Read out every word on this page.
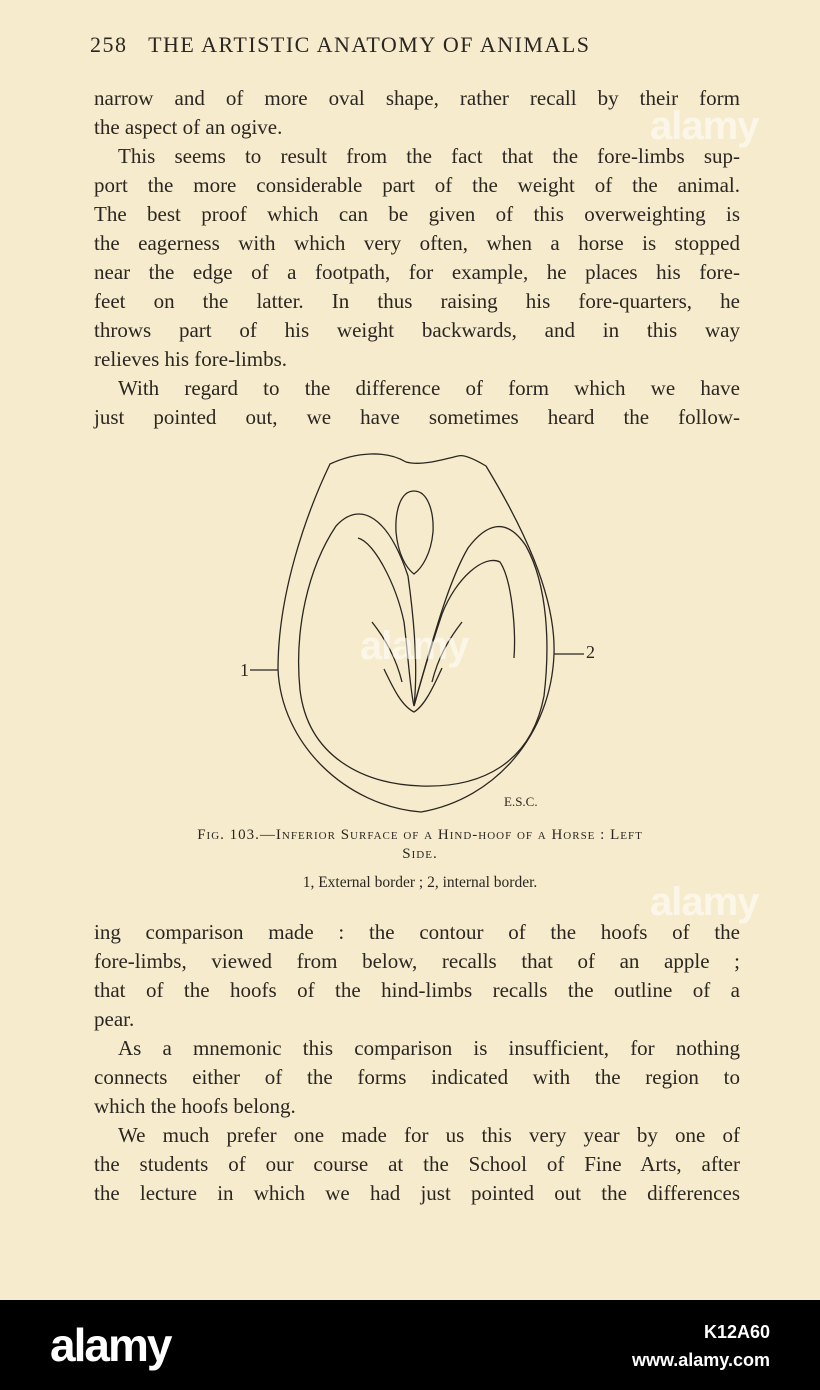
258 THE ARTISTIC ANATOMY OF ANIMALS

narrow and of more oval shape, rather recall by their form

the aspect of an ogive.

This seems to result from the fact that the fore-limbs sup-

port the more considerable part of the weight of the animal.

The best proof which can be given of this overweighting is

the eagerness with which very often, when a horse is stopped

near the edge of a footpath, for example, he places his fore-

feet on the latter. In thus raising his fore-quarters, he

throws part of his weight backwards, and in this way

relieves his fore-limbs.

With regard to the difference of form which we have

just pointed out, we have sometimes heard the follow-

1
2
E.S.C.
Fig. 103.—Inferior Surface of a Hind-hoof of a Horse : Left
Side.
1, External border ; 2, internal border.

ing comparison made : the contour of the hoofs of the

fore-limbs, viewed from below, recalls that of an apple ;

that of the hoofs of the hind-limbs recalls the outline of a

pear.

As a mnemonic this comparison is insufficient, for nothing

connects either of the forms indicated with the region to

which the hoofs belong.

We much prefer one made for us this very year by one of

the students of our course at the School of Fine Arts, after

the lecture in which we had just pointed out the differences

alamy
alamy
alamy
alamy	K12A60
www.alamy.com
